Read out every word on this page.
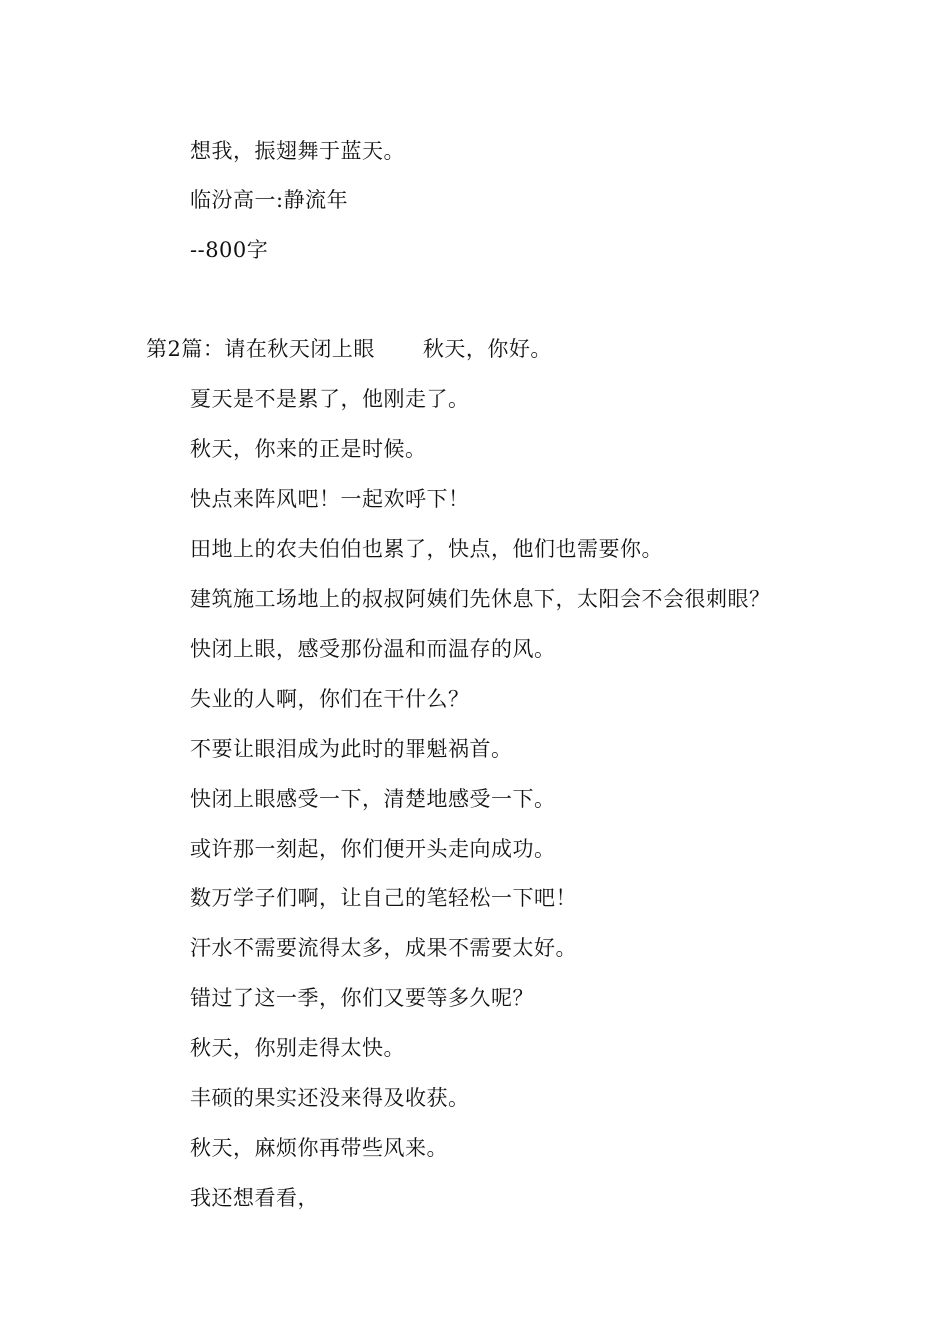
想我，振翅舞于蓝天。
临汾高一:静流年
--800字
第2篇：请在秋天闭上眼 秋天，你好。
夏天是不是累了，他刚走了。
秋天，你来的正是时候。
快点来阵风吧！一起欢呼下！
田地上的农夫伯伯也累了，快点，他们也需要你。
建筑施工场地上的叔叔阿姨们先休息下，太阳会不会很刺眼？
快闭上眼，感受那份温和而温存的风。
失业的人啊，你们在干什么？
不要让眼泪成为此时的罪魁祸首。
快闭上眼感受一下，清楚地感受一下。
或许那一刻起，你们便开头走向成功。
数万学子们啊，让自己的笔轻松一下吧！
汗水不需要流得太多，成果不需要太好。
错过了这一季，你们又要等多久呢？
秋天，你别走得太快。
丰硕的果实还没来得及收获。
秋天，麻烦你再带些风来。
我还想看看，
